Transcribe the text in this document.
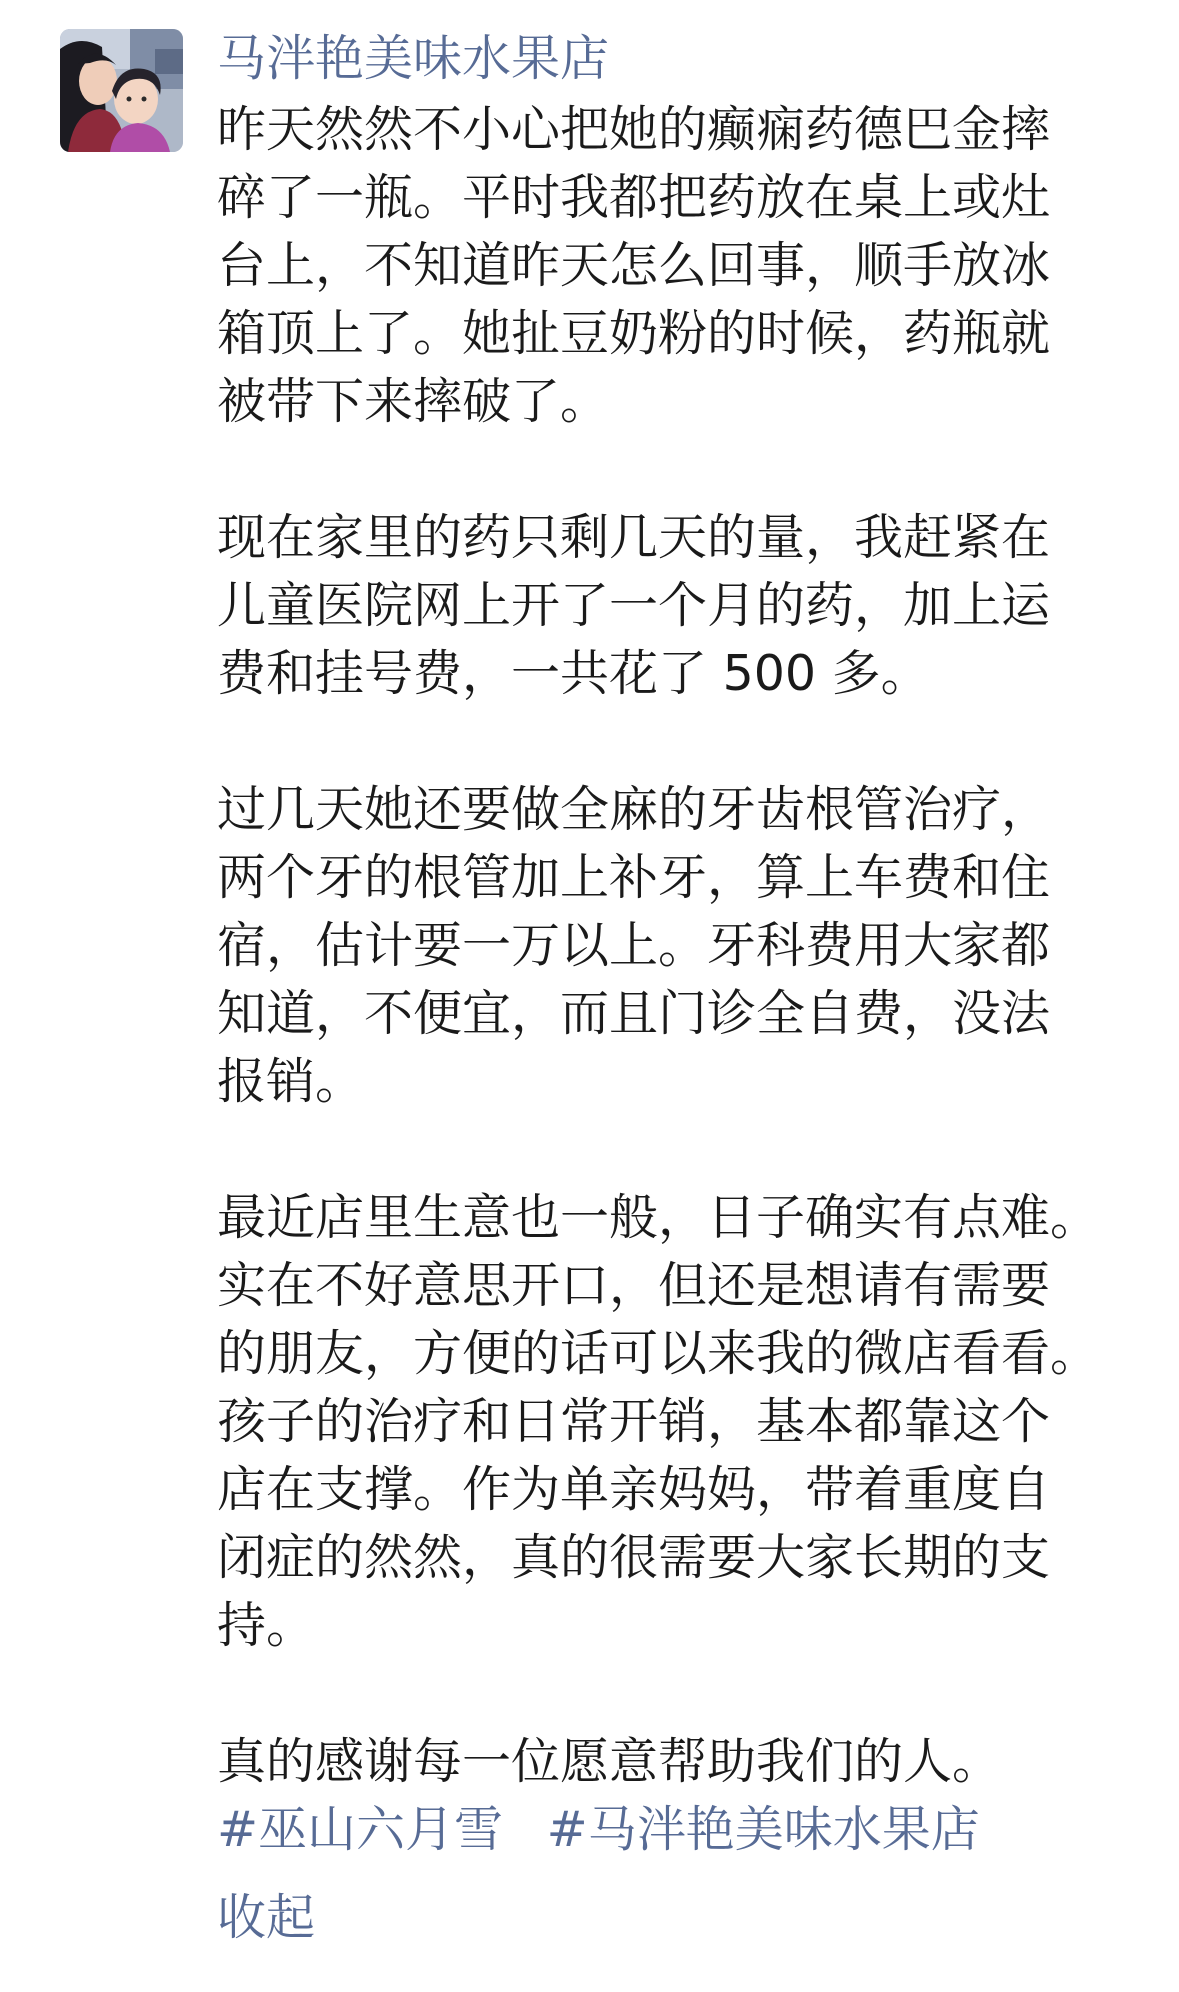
马泮艳美味水果店

昨天然然不小心把她的癫痫药德巴金摔
碎了一瓶。平时我都把药放在桌上或灶
台上，不知道昨天怎么回事，顺手放冰
箱顶上了。她扯豆奶粉的时候，药瓶就
被带下来摔破了。

现在家里的药只剩几天的量，我赶紧在
儿童医院网上开了一个月的药，加上运
费和挂号费，一共花了 500 多。

过几天她还要做全麻的牙齿根管治疗，
两个牙的根管加上补牙，算上车费和住
宿，估计要一万以上。牙科费用大家都
知道，不便宜，而且门诊全自费，没法
报销。

最近店里生意也一般，日子确实有点难。
实在不好意思开口，但还是想请有需要
的朋友，方便的话可以来我的微店看看。
孩子的治疗和日常开销，基本都靠这个
店在支撑。作为单亲妈妈，带着重度自
闭症的然然，真的很需要大家长期的支
持。

真的感谢每一位愿意帮助我们的人。

#巫山六月雪 #马泮艳美味水果店
收起
